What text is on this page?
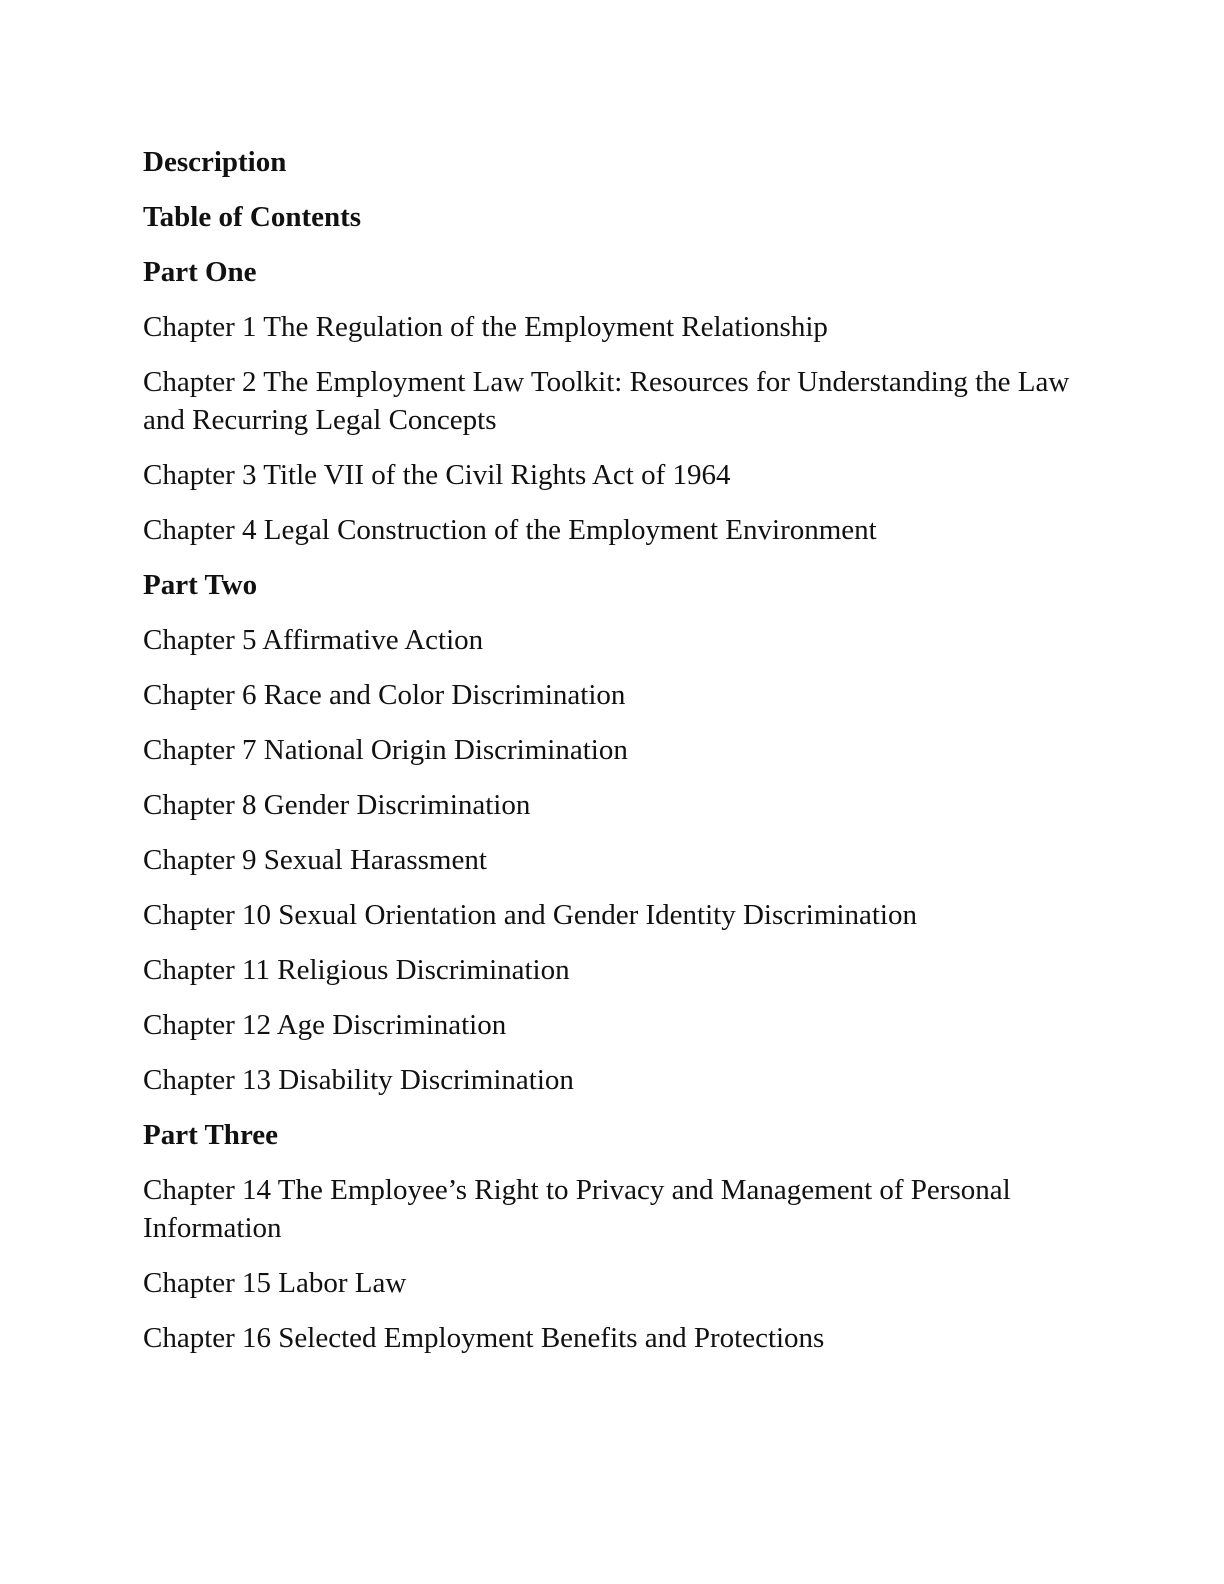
Description

Table of Contents

Part One

Chapter 1 The Regulation of the Employment Relationship

Chapter 2 The Employment Law Toolkit: Resources for Understanding the Law and Recurring Legal Concepts

Chapter 3 Title VII of the Civil Rights Act of 1964

Chapter 4 Legal Construction of the Employment Environment

Part Two

Chapter 5 Affirmative Action

Chapter 6 Race and Color Discrimination

Chapter 7 National Origin Discrimination

Chapter 8 Gender Discrimination

Chapter 9 Sexual Harassment

Chapter 10 Sexual Orientation and Gender Identity Discrimination

Chapter 11 Religious Discrimination

Chapter 12 Age Discrimination

Chapter 13 Disability Discrimination

Part Three

Chapter 14 The Employee’s Right to Privacy and Management of Personal Information

Chapter 15 Labor Law

Chapter 16 Selected Employment Benefits and Protections
